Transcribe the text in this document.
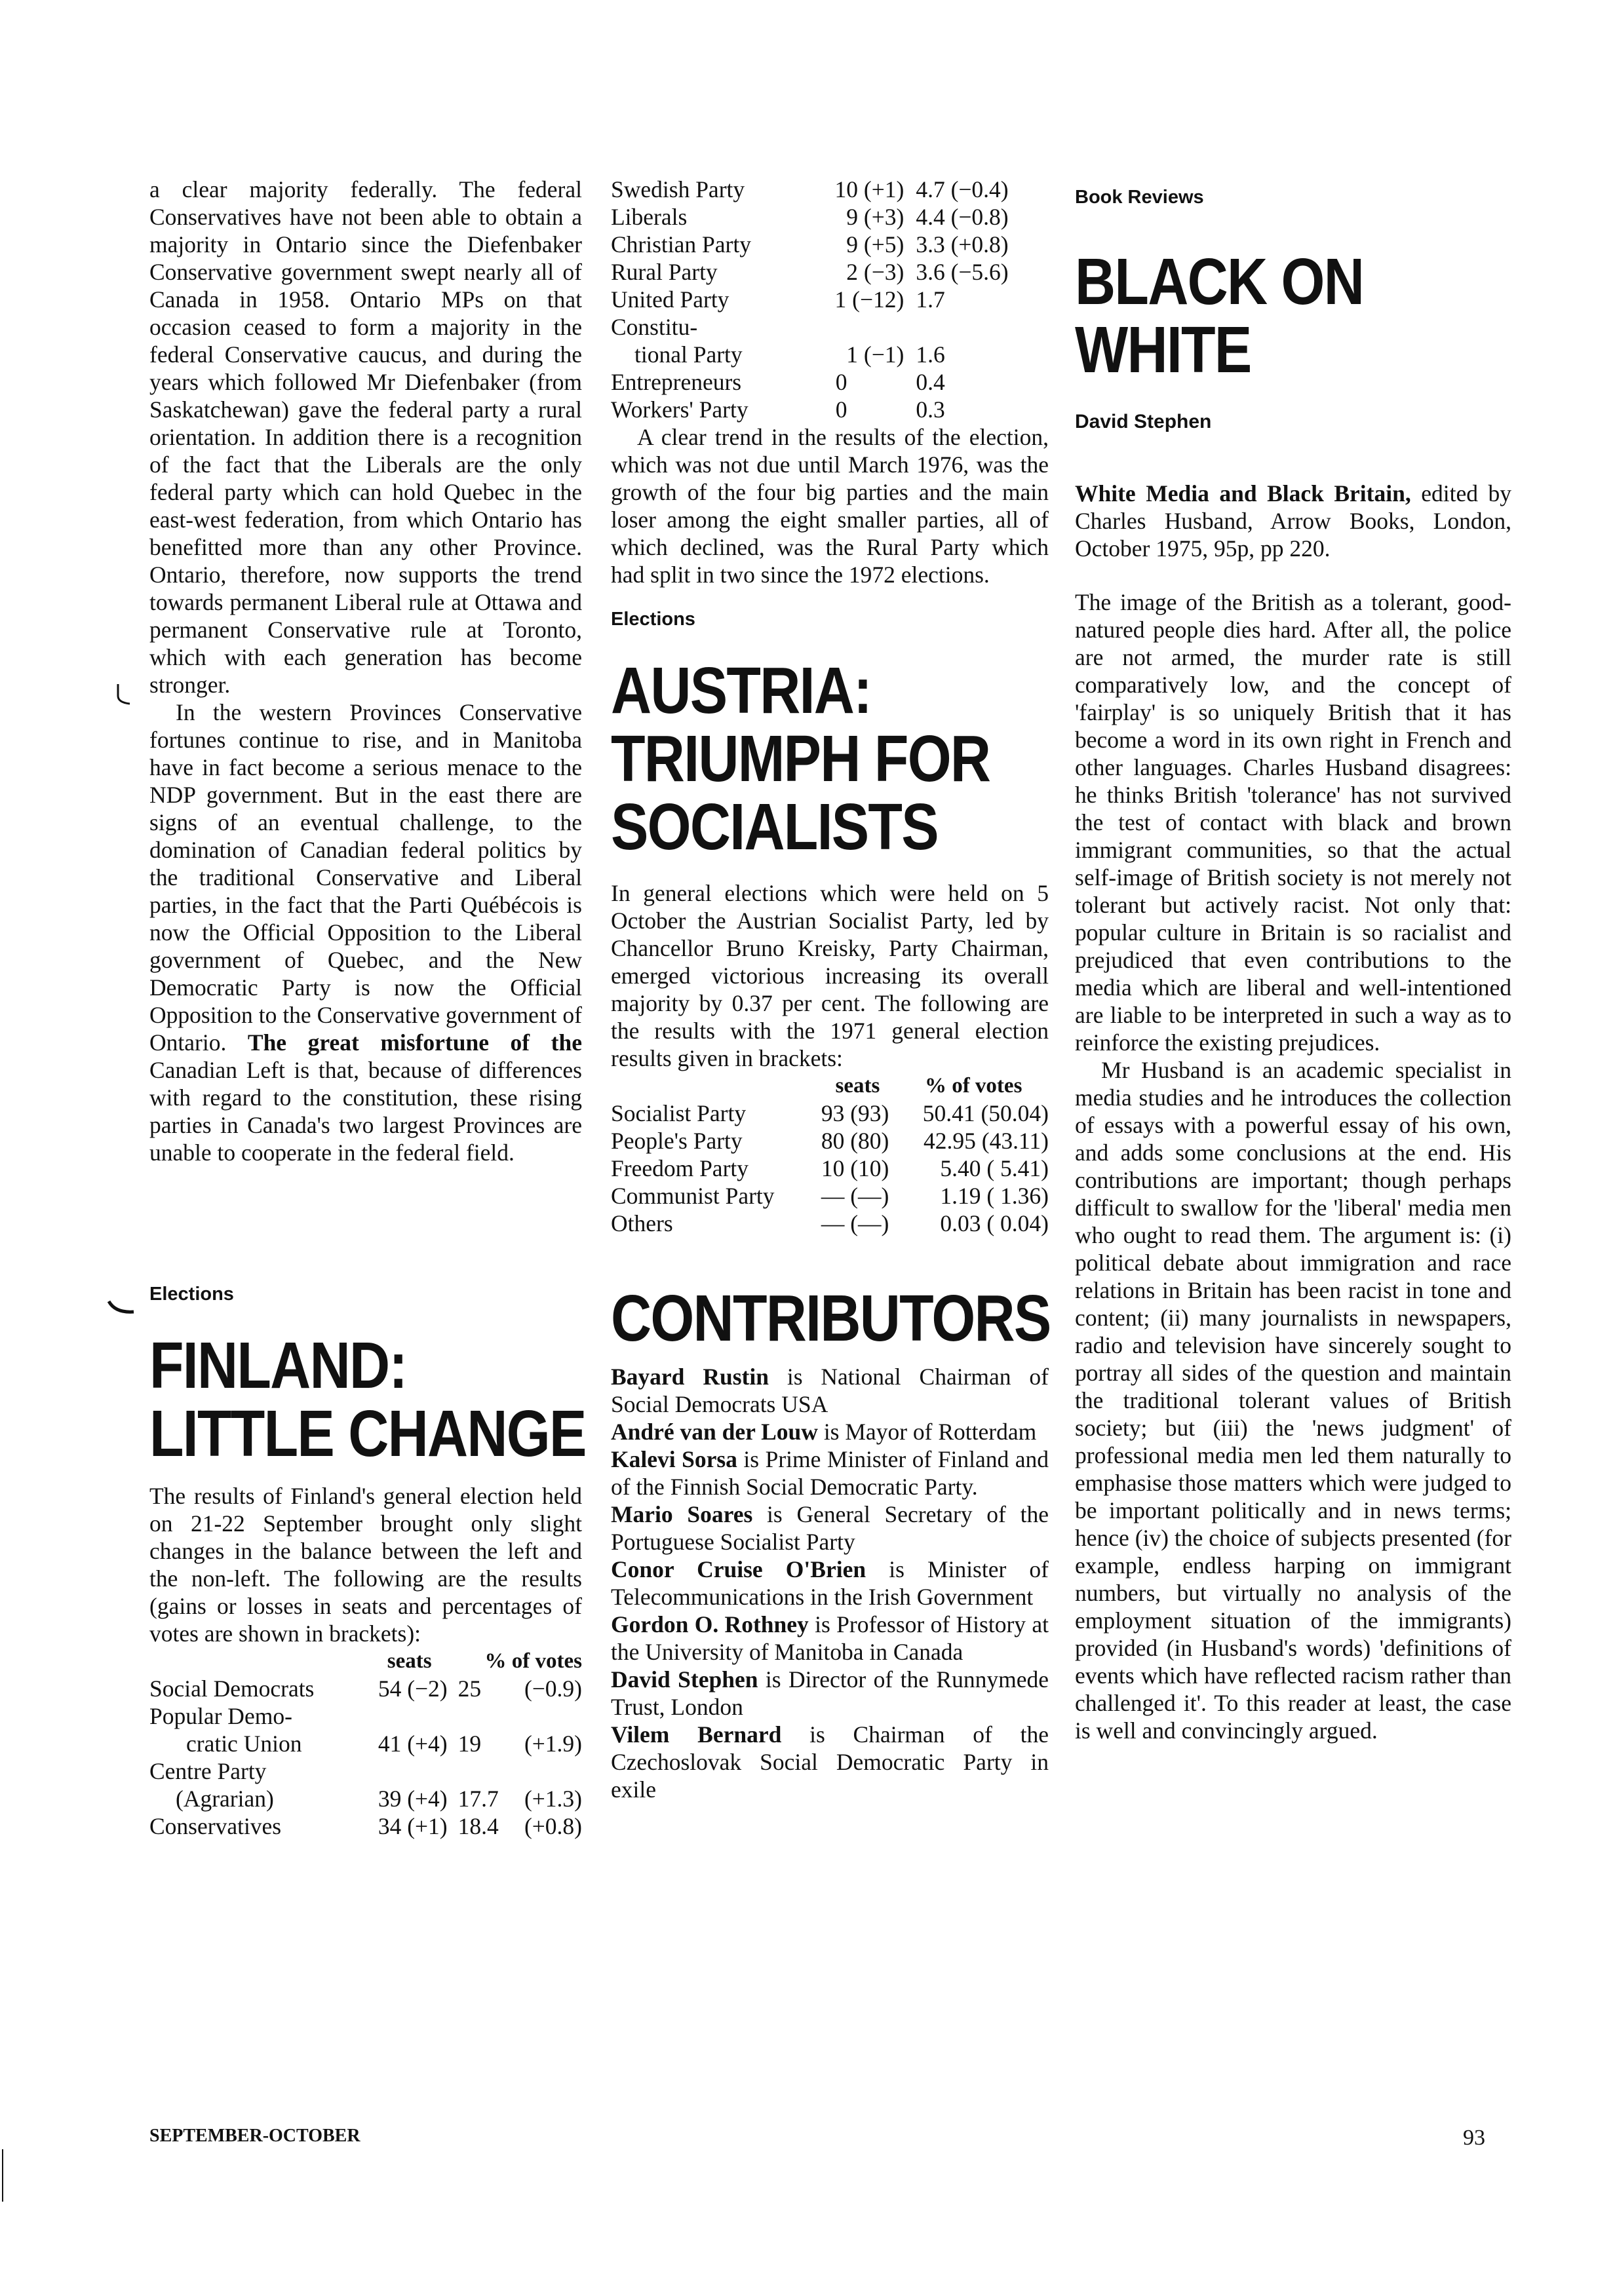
a clear majority federally. The federal Conservatives have not been able to obtain a majority in Ontario since the Diefenbaker Conservative government swept nearly all of Canada in 1958. Ontario MPs on that occasion ceased to form a majority in the federal Conservative caucus, and during the years which followed Mr Diefenbaker (from Saskatchewan) gave the federal party a rural orientation. In addition there is a recognition of the fact that the Liberals are the only federal party which can hold Quebec in the east-west federation, from which Ontario has benefitted more than any other Province. Ontario, therefore, now supports the trend towards permanent Liberal rule at Ottawa and permanent Conservative rule at Toronto, which with each generation has become stronger.

In the western Provinces Conservative fortunes continue to rise, and in Manitoba have in fact become a serious menace to the NDP government. But in the east there are signs of an eventual challenge, to the domination of Canadian federal politics by the traditional Conservative and Liberal parties, in the fact that the Parti Québécois is now the Official Opposition to the Liberal government of Quebec, and the New Democratic Party is now the Official Opposition to the Conservative government of Ontario. The great misfortune of the Canadian Left is that, because of differences with regard to the constitution, these rising parties in Canada's two largest Provinces are unable to cooperate in the federal field.

Elections
FINLAND:
LITTLE CHANGE

The results of Finland's general election held on 21-22 September brought only slight changes in the balance between the left and the non-left. The following are the results (gains or losses in seats and percentages of votes are shown in brackets):

	seats	% of votes	
Social Democrats	54 (−2)	25	(−0.9)
Popular Demo-			
cratic Union	41 (+4)	19	(+1.9)
Centre Party			
(Agrarian)	39 (+4)	17.7	(+1.3)
Conservatives	34 (+1)	18.4	(+0.8)
Swedish Party	10 (+1)	4.7 (−0.4)
Liberals	9 (+3)	4.4 (−0.8)
Christian Party	9 (+5)	3.3 (+0.8)
Rural Party	2 (−3)	3.6 (−5.6)
United Party	1 (−12)	1.7
Constitu-		
tional Party	1 (−1)	1.6
Entrepreneurs	0	0.4
Workers' Party	0	0.3

A clear trend in the results of the election, which was not due until March 1976, was the growth of the four big parties and the main loser among the eight smaller parties, all of which declined, was the Rural Party which had split in two since the 1972 elections.

Elections
AUSTRIA:
TRIUMPH FOR
SOCIALISTS

In general elections which were held on 5 October the Austrian Socialist Party, led by Chancellor Bruno Kreisky, Party Chairman, emerged victorious increasing its overall majority by 0.37 per cent. The following are the results with the 1971 general election results given in brackets:

	seats	% of votes
Socialist Party	93 (93)	50.41 (50.04)
People's Party	80 (80)	42.95 (43.11)
Freedom Party	10 (10)	5.40 ( 5.41)
Communist Party	— (—)	1.19 ( 1.36)
Others	— (—)	0.03 ( 0.04)
CONTRIBUTORS

Bayard Rustin is National Chairman of Social Democrats USA

André van der Louw is Mayor of Rotterdam

Kalevi Sorsa is Prime Minister of Finland and of the Finnish Social Democratic Party.

Mario Soares is General Secretary of the Portuguese Socialist Party

Conor Cruise O'Brien is Minister of Telecommunications in the Irish Government

Gordon O. Rothney is Professor of History at the University of Manitoba in Canada

David Stephen is Director of the Runnymede Trust, London

Vilem Bernard is Chairman of the Czechoslovak Social Democratic Party in exile

Book Reviews
BLACK ON
WHITE
David Stephen

White Media and Black Britain, edited by Charles Husband, Arrow Books, London, October 1975, 95p, pp 220.

The image of the British as a tolerant, good-natured people dies hard. After all, the police are not armed, the murder rate is still comparatively low, and the concept of 'fairplay' is so uniquely British that it has become a word in its own right in French and other languages. Charles Husband disagrees: he thinks British 'tolerance' has not survived the test of contact with black and brown immigrant communities, so that the actual self-image of British society is not merely not tolerant but actively racist. Not only that: popular culture in Britain is so racialist and prejudiced that even contributions to the media which are liberal and well-intentioned are liable to be interpreted in such a way as to reinforce the existing prejudices.

Mr Husband is an academic specialist in media studies and he introduces the collection of essays with a powerful essay of his own, and adds some conclusions at the end. His contributions are important; though perhaps difficult to swallow for the 'liberal' media men who ought to read them. The argument is: (i) political debate about immigration and race relations in Britain has been racist in tone and content; (ii) many journalists in newspapers, radio and television have sincerely sought to portray all sides of the question and maintain the traditional tolerant values of British society; but (iii) the 'news judgment' of professional media men led them naturally to emphasise those matters which were judged to be important politically and in news terms; hence (iv) the choice of subjects presented (for example, endless harping on immigrant numbers, but virtually no analysis of the employment situation of the immigrants) provided (in Husband's words) 'definitions of events which have reflected racism rather than challenged it'. To this reader at least, the case is well and convincingly argued.

SEPTEMBER-OCTOBER	93
